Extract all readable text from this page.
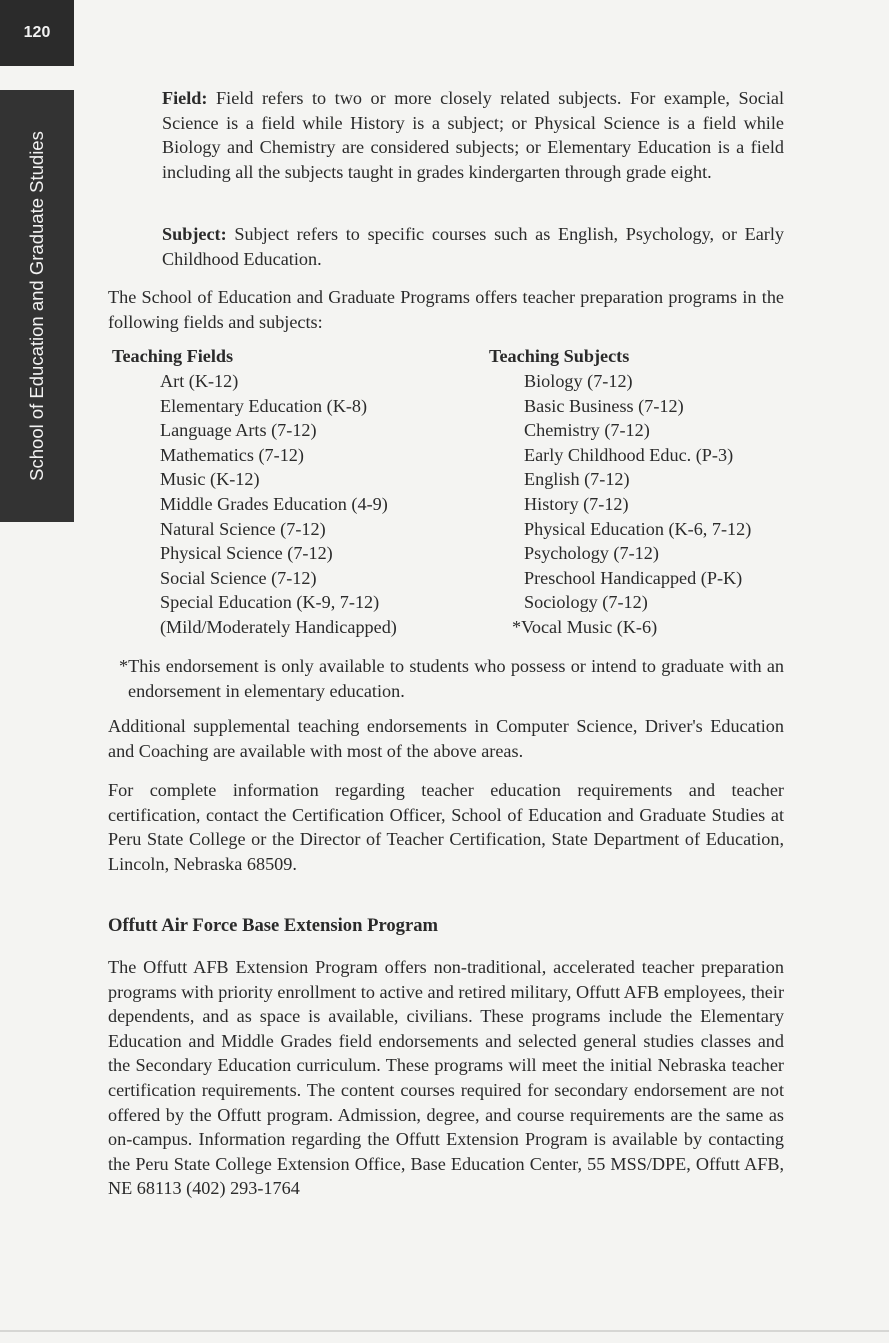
120
School of Education and Graduate Studies

Field: Field refers to two or more closely related subjects. For example, Social Science is a field while History is a subject; or Physical Science is a field while Biology and Chemistry are considered subjects; or Elementary Education is a field including all the subjects taught in grades kindergarten through grade eight.

Subject: Subject refers to specific courses such as English, Psychology, or Early Childhood Education.

The School of Education and Graduate Programs offers teacher preparation programs in the following fields and subjects:

Teaching Fields
Art (K-12)
Elementary Education (K-8)
Language Arts (7-12)
Mathematics (7-12)
Music (K-12)
Middle Grades Education (4-9)
Natural Science (7-12)
Physical Science (7-12)
Social Science (7-12)
Special Education (K-9, 7-12)
(Mild/Moderately Handicapped)
Teaching Subjects
Biology (7-12)
Basic Business (7-12)
Chemistry (7-12)
Early Childhood Educ. (P-3)
English (7-12)
History (7-12)
Physical Education (K-6, 7-12)
Psychology (7-12)
Preschool Handicapped (P-K)
Sociology (7-12)
*Vocal Music (K-6)

*This endorsement is only available to students who possess or intend to graduate with an endorsement in elementary education.

Additional supplemental teaching endorsements in Computer Science, Driver's Education and Coaching are available with most of the above areas.

For complete information regarding teacher education requirements and teacher certification, contact the Certification Officer, School of Education and Graduate Studies at Peru State College or the Director of Teacher Certification, State Department of Education, Lincoln, Nebraska 68509.

Offutt Air Force Base Extension Program

The Offutt AFB Extension Program offers non-traditional, accelerated teacher preparation programs with priority enrollment to active and retired military, Offutt AFB employees, their dependents, and as space is available, civilians. These programs include the Elementary Education and Middle Grades field endorsements and selected general studies classes and the Secondary Education curriculum. These programs will meet the initial Nebraska teacher certification requirements. The content courses required for secondary endorsement are not offered by the Offutt program. Admission, degree, and course requirements are the same as on-campus. Information regarding the Offutt Extension Program is available by contacting the Peru State College Extension Office, Base Education Center, 55 MSS/DPE, Offutt AFB, NE 68113 (402) 293-1764
